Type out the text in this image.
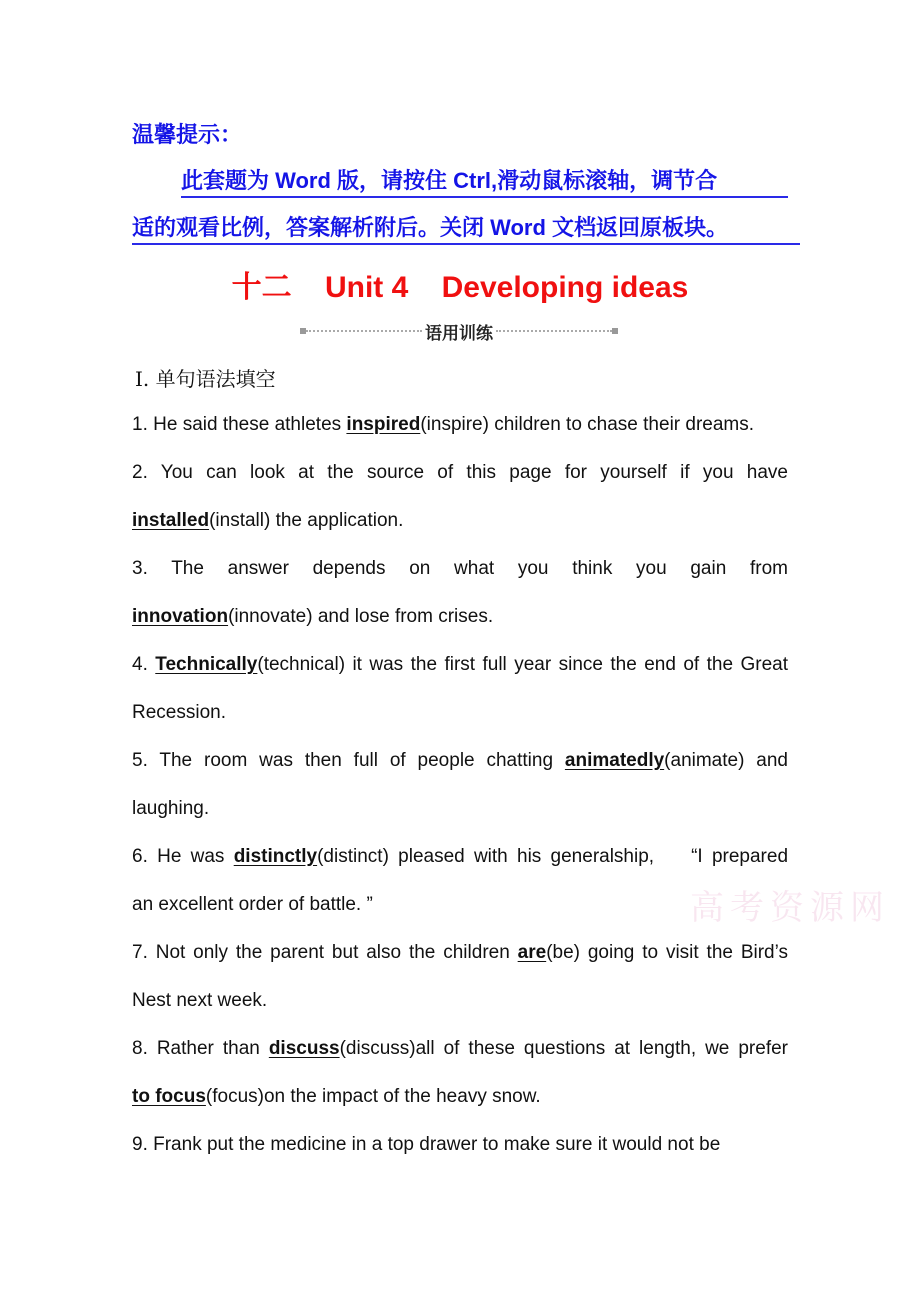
温馨提示：
此套题为 Word 版，请按住 Ctrl,滑动鼠标滚轴，调节合
适的观看比例，答案解析附后。关闭 Word 文档返回原板块。
十二    Unit 4    Developing ideas
语用训练
Ⅰ. 单句语法填空
1. He said these athletes inspired(inspire) children to chase their dreams.
2. You can look at the source of this page for yourself if you have
installed(install) the application.
3. The answer depends on what you think you gain from
innovation(innovate) and lose from crises.
4. Technically(technical) it was the first full year since the end of the Great
Recession.
5. The room was then full of people chatting animatedly(animate) and
laughing.
6. He was distinctly(distinct) pleased with his generalship,    “I prepared
an excellent order of battle. ”
7. Not only the parent but also the children are(be) going to visit the Bird’s
Nest next week.
8. Rather than discuss(discuss)all of these questions at length, we prefer
to focus(focus)on the impact of the heavy snow.
9. Frank put the medicine in a top drawer to make sure it would not be
高考资源网
